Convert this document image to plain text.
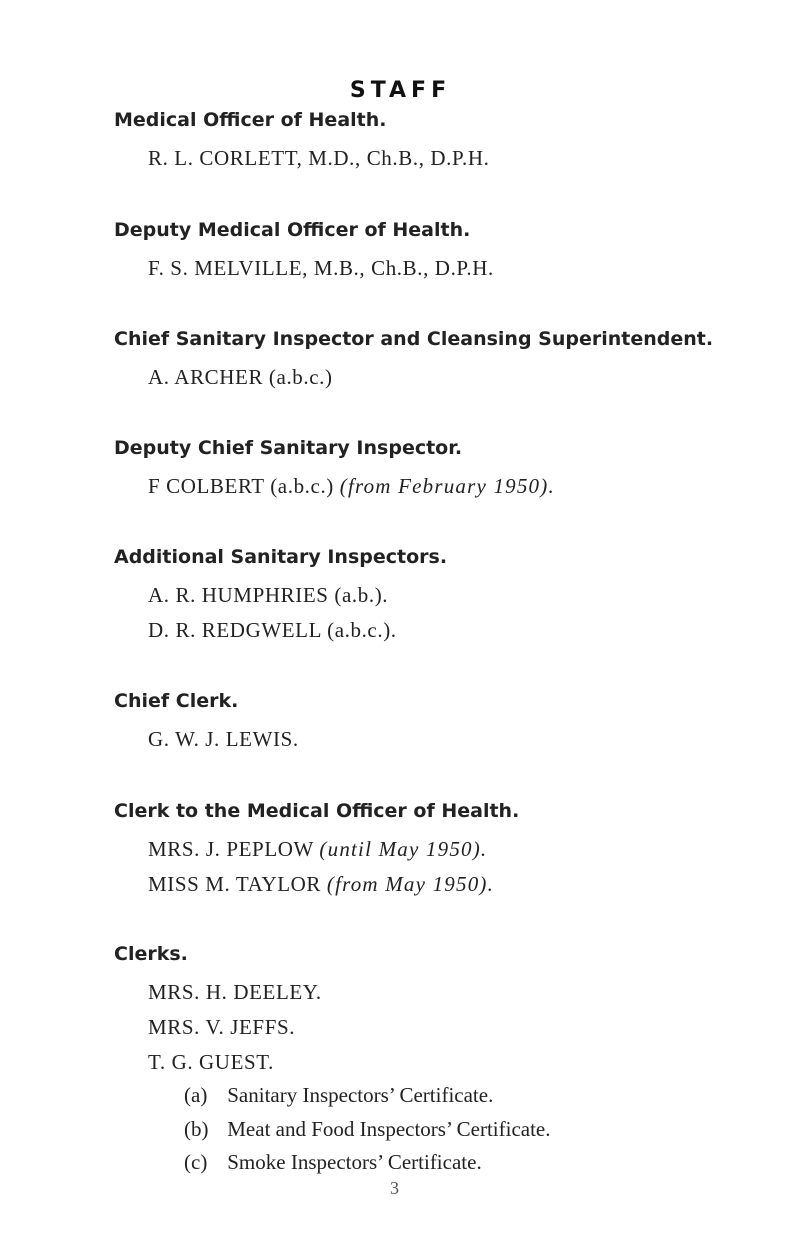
STAFF
Medical Officer of Health.
R. L. CORLETT, M.D., Ch.B., D.P.H.
Deputy Medical Officer of Health.
F. S. MELVILLE, M.B., Ch.B., D.P.H.
Chief Sanitary Inspector and Cleansing Superintendent.
A. ARCHER (a.b.c.)
Deputy Chief Sanitary Inspector.
F COLBERT (a.b.c.) (from February 1950).
Additional Sanitary Inspectors.
A. R. HUMPHRIES (a.b.).
D. R. REDGWELL (a.b.c.).
Chief Clerk.
G. W. J. LEWIS.
Clerk to the Medical Officer of Health.
MRS. J. PEPLOW (until May 1950).
MISS M. TAYLOR (from May 1950).
Clerks.
MRS. H. DEELEY.
MRS. V. JEFFS.
T. G. GUEST.
(a) Sanitary Inspectors’ Certificate.
(b) Meat and Food Inspectors’ Certificate.
(c) Smoke Inspectors’ Certificate.
3
